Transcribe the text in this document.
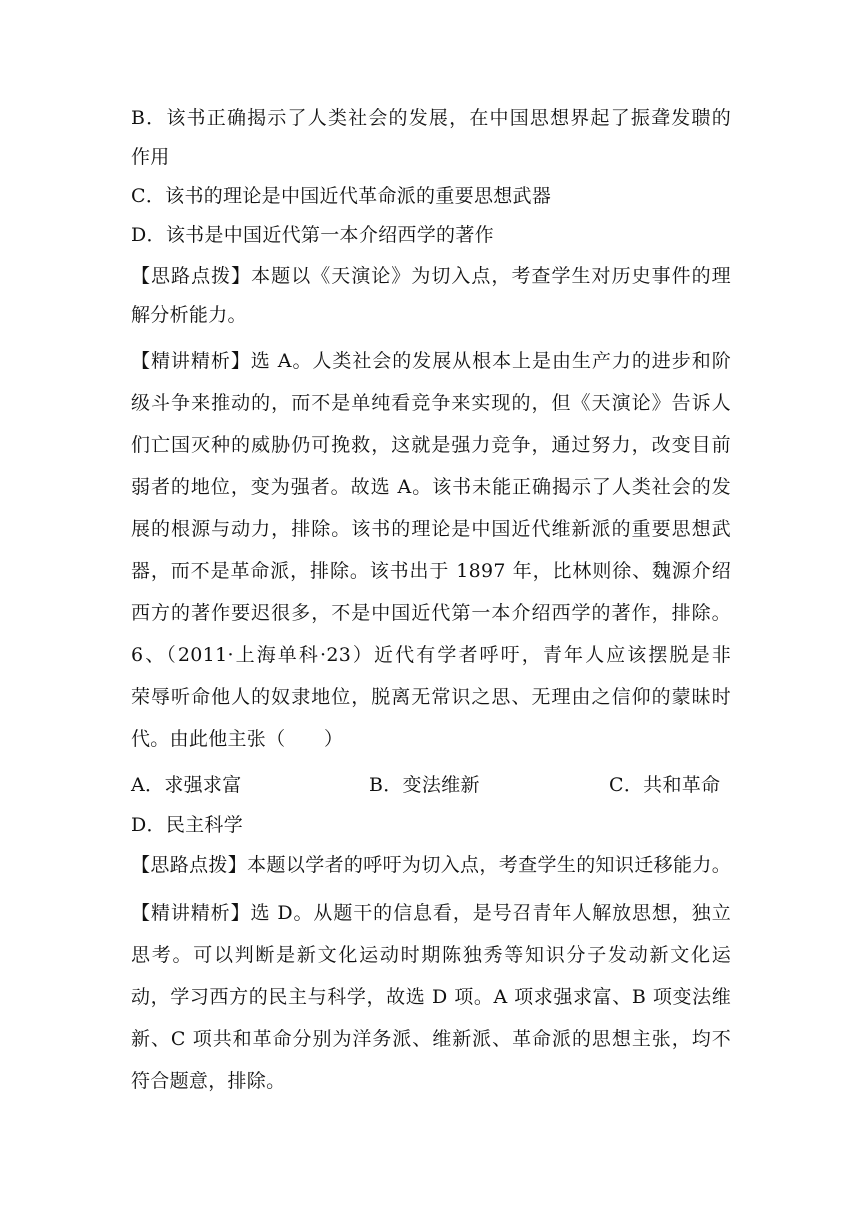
B．该书正确揭示了人类社会的发展，在中国思想界起了振聋发聩的
作用
C．该书的理论是中国近代革命派的重要思想武器
D．该书是中国近代第一本介绍西学的著作
【思路点拨】本题以《天演论》为切入点，考查学生对历史事件的理
解分析能力。
【精讲精析】选 A。人类社会的发展从根本上是由生产力的进步和阶
级斗争来推动的，而不是单纯看竞争来实现的，但《天演论》告诉人
们亡国灭种的威胁仍可挽救，这就是强力竞争，通过努力，改变目前
弱者的地位，变为强者。故选 A。该书未能正确揭示了人类社会的发
展的根源与动力，排除。该书的理论是中国近代维新派的重要思想武
器，而不是革命派，排除。该书出于 1897 年，比林则徐、魏源介绍
西方的著作要迟很多，不是中国近代第一本介绍西学的著作，排除。
6、（2011·上海单科·23）近代有学者呼吁，青年人应该摆脱是非
荣辱听命他人的奴隶地位，脱离无常识之思、无理由之信仰的蒙昧时
代。由此他主张（　　）
A．求强求富	B．变法维新	C．共和革命
D．民主科学
【思路点拨】本题以学者的呼吁为切入点，考查学生的知识迁移能力。
【精讲精析】选 D。从题干的信息看，是号召青年人解放思想，独立
思考。可以判断是新文化运动时期陈独秀等知识分子发动新文化运
动，学习西方的民主与科学，故选 D 项。A 项求强求富、B 项变法维
新、C 项共和革命分别为洋务派、维新派、革命派的思想主张，均不
符合题意，排除。
